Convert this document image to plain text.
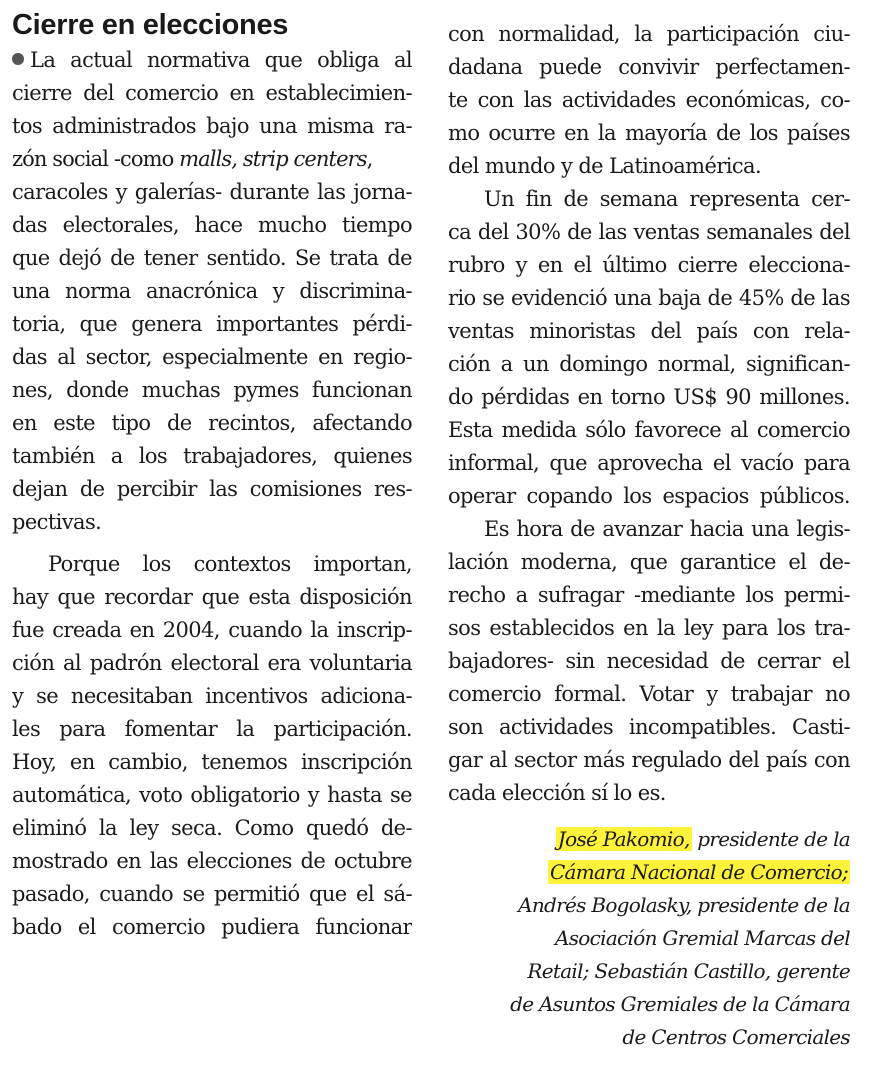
Cierre en elecciones
La actual normativa que obliga al
cierre del comercio en establecimien-
tos administrados bajo una misma ra-
zón social -como malls, strip centers,
caracoles y galerías- durante las jorna-
das electorales, hace mucho tiempo
que dejó de tener sentido. Se trata de
una norma anacrónica y discrimina-
toria, que genera importantes pérdi-
das al sector, especialmente en regio-
nes, donde muchas pymes funcionan
en este tipo de recintos, afectando
también a los trabajadores, quienes
dejan de percibir las comisiones res-
pectivas.
Porque los contextos importan,
hay que recordar que esta disposición
fue creada en 2004, cuando la inscrip-
ción al padrón electoral era voluntaria
y se necesitaban incentivos adiciona-
les para fomentar la participación.
Hoy, en cambio, tenemos inscripción
automática, voto obligatorio y hasta se
eliminó la ley seca. Como quedó de-
mostrado en las elecciones de octubre
pasado, cuando se permitió que el sá-
bado el comercio pudiera funcionar
con normalidad, la participación ciu-
dadana puede convivir perfectamen-
te con las actividades económicas, co-
mo ocurre en la mayoría de los países
del mundo y de Latinoamérica.
Un fin de semana representa cer-
ca del 30% de las ventas semanales del
rubro y en el último cierre elecciona-
rio se evidenció una baja de 45% de las
ventas minoristas del país con rela-
ción a un domingo normal, significan-
do pérdidas en torno US$ 90 millones.
Esta medida sólo favorece al comercio
informal, que aprovecha el vacío para
operar copando los espacios públicos.
Es hora de avanzar hacia una legis-
lación moderna, que garantice el de-
recho a sufragar -mediante los permi-
sos establecidos en la ley para los tra-
bajadores- sin necesidad de cerrar el
comercio formal. Votar y trabajar no
son actividades incompatibles. Casti-
gar al sector más regulado del país con
cada elección sí lo es.
José Pakomio, presidente de la
Cámara Nacional de Comercio;
Andrés Bogolasky, presidente de la
Asociación Gremial Marcas del
Retail; Sebastián Castillo, gerente
de Asuntos Gremiales de la Cámara
de Centros Comerciales
